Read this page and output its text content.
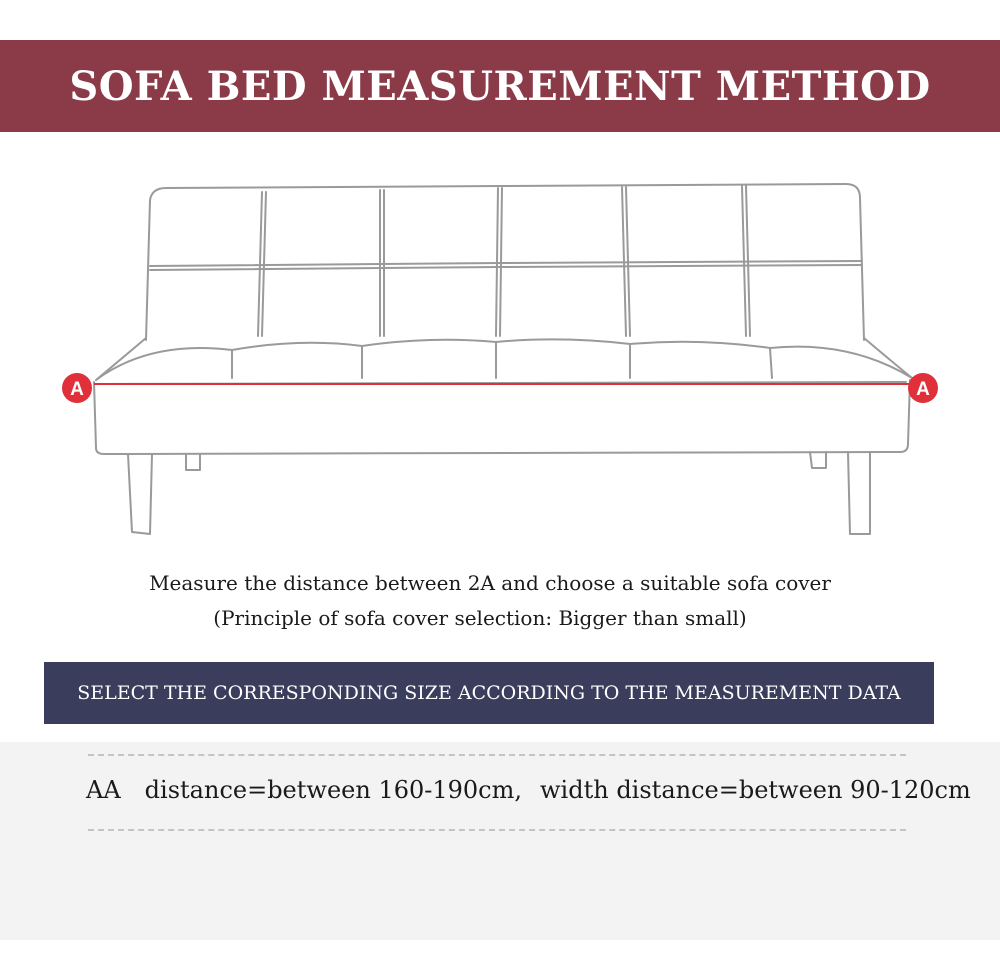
SOFA BED MEASUREMENT METHOD
A	A
Measure the distance between 2A and choose a suitable sofa cover
(Principle of sofa cover selection: Bigger than small)
SELECT THE CORRESPONDING SIZE ACCORDING TO THE MEASUREMENT DATA
AA distance=between 160-190cm, width distance=between 90-120cm
